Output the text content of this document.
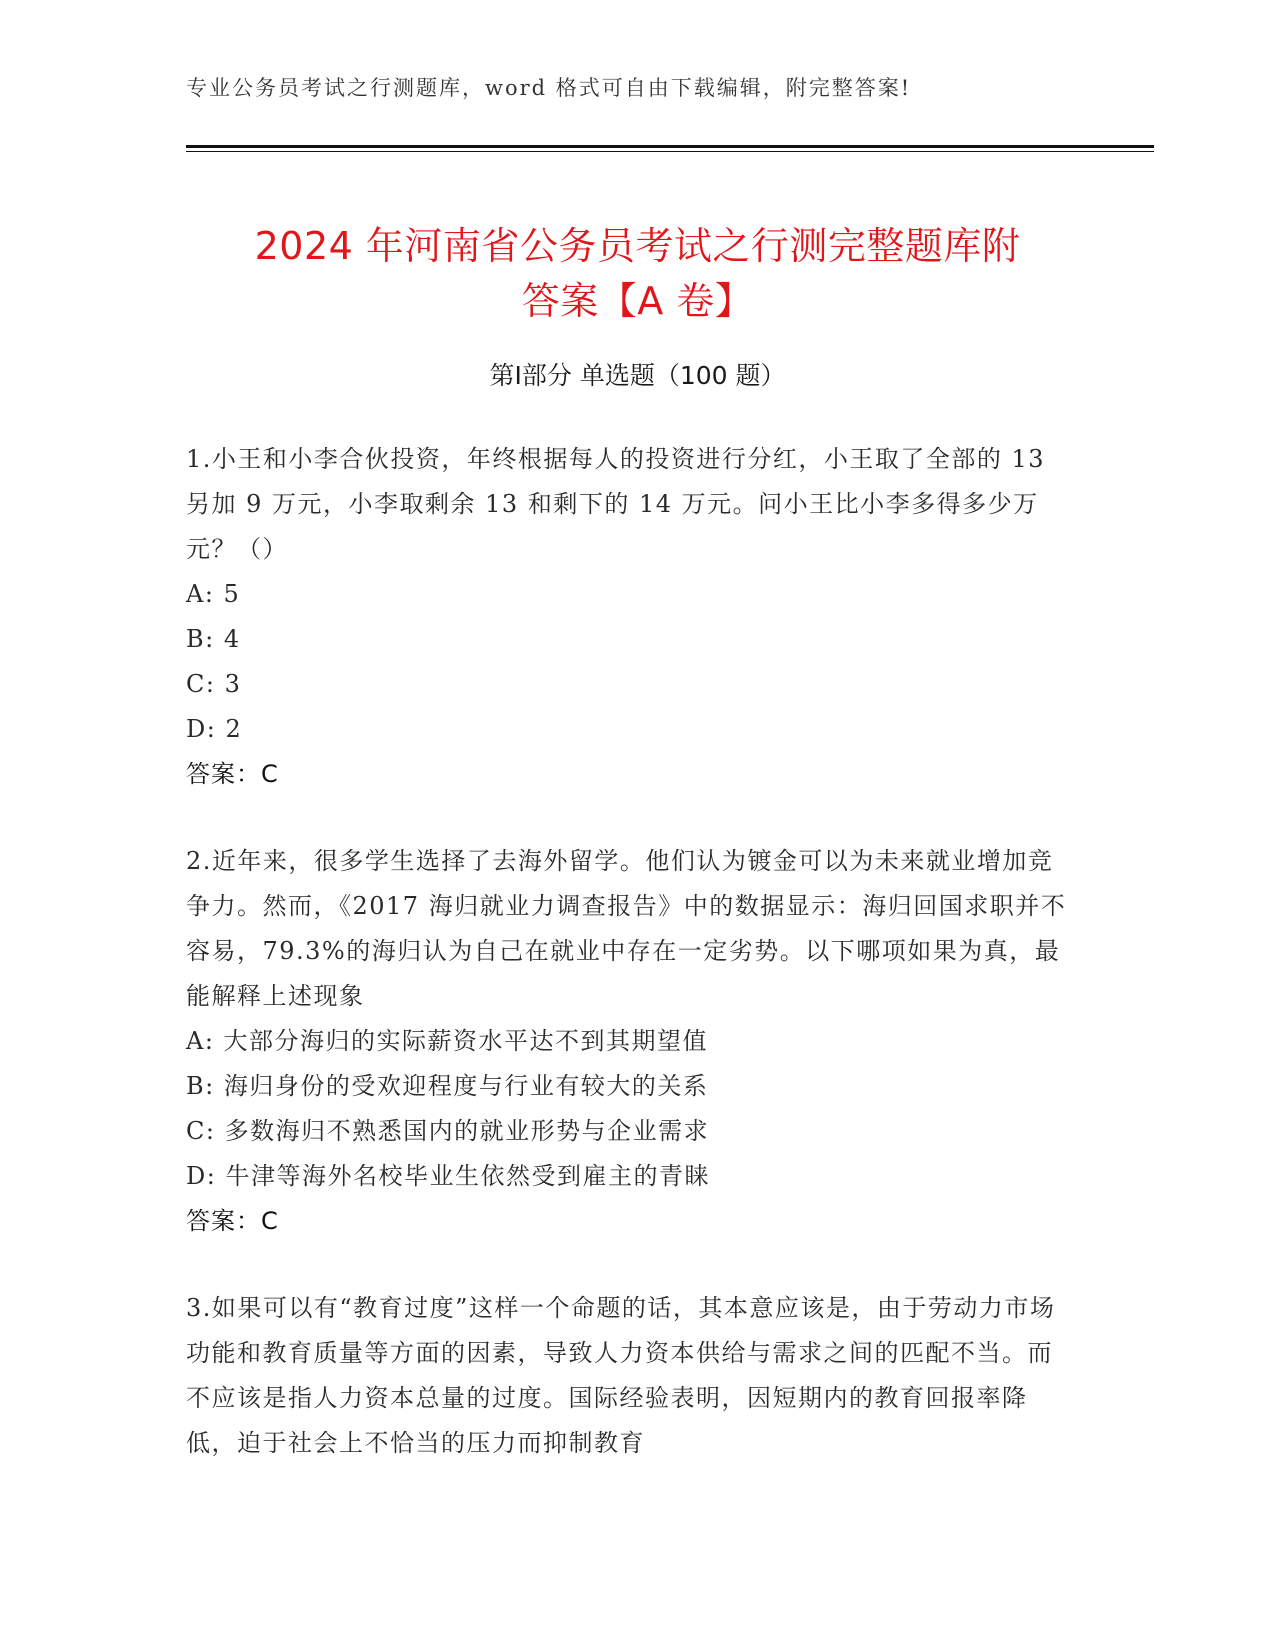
专业公务员考试之行测题库，word 格式可自由下载编辑，附完整答案!
2024 年河南省公务员考试之行测完整题库附
答案【A 卷】
第Ⅰ部分 单选题（100 题）
1.小王和小李合伙投资，年终根据每人的投资进行分红，小王取了全部的 13 另加 9 万元，小李取剩余 13 和剩下的 14 万元。问小王比小李多得多少万元？（）
A: 5
B: 4
C: 3
D: 2
答案：C
2.近年来，很多学生选择了去海外留学。他们认为镀金可以为未来就业增加竞争力。然而，《2017 海归就业力调查报告》中的数据显示：海归回国求职并不容易，79.3%的海归认为自己在就业中存在一定劣势。以下哪项如果为真，最能解释上述现象
A: 大部分海归的实际薪资水平达不到其期望值
B: 海归身份的受欢迎程度与行业有较大的关系
C: 多数海归不熟悉国内的就业形势与企业需求
D: 牛津等海外名校毕业生依然受到雇主的青睐
答案：C
3.如果可以有“教育过度”这样一个命题的话，其本意应该是，由于劳动力市场功能和教育质量等方面的因素，导致人力资本供给与需求之间的匹配不当。而不应该是指人力资本总量的过度。国际经验表明，因短期内的教育回报率降低，迫于社会上不恰当的压力而抑制教育
